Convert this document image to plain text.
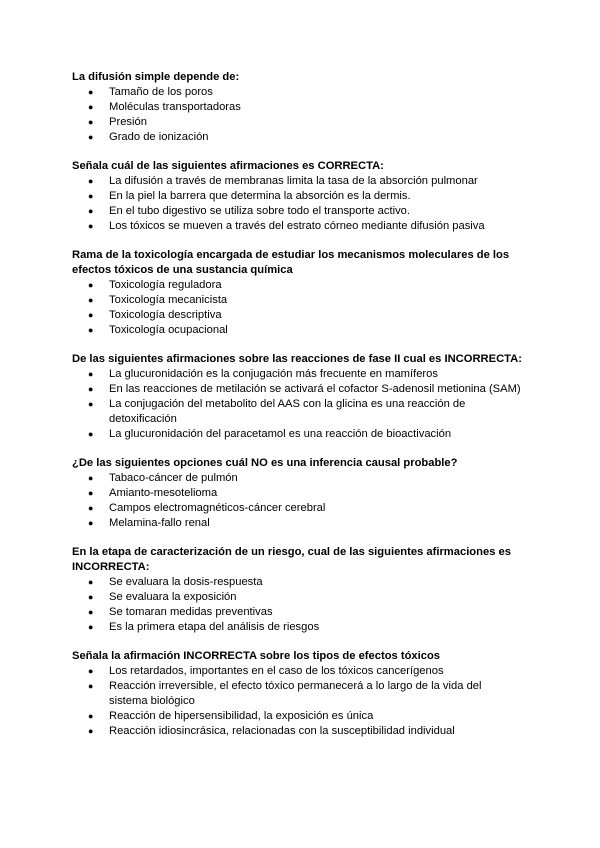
La difusión simple depende de:

● Tamaño de los poros
● Moléculas transportadoras
● Presión
● Grado de ionización

Señala cuál de las siguientes afirmaciones es CORRECTA:

● La difusión a través de membranas limita la tasa de la absorción pulmonar
● En la piel la barrera que determina la absorción es la dermis.
● En el tubo digestivo se utiliza sobre todo el transporte activo.
● Los tóxicos se mueven a través del estrato córneo mediante difusión pasiva

Rama de la toxicología encargada de estudiar los mecanismos moleculares de los efectos tóxicos de una sustancia química

● Toxicología reguladora
● Toxicología mecanicista
● Toxicología descriptiva
● Toxicología ocupacional

De las siguientes afirmaciones sobre las reacciones de fase II cual es INCORRECTA:

● La glucuronidación es la conjugación más frecuente en mamíferos
● En las reacciones de metilación se activará el cofactor S-adenosil metionina (SAM)
● La conjugación del metabolito del AAS con la glicina es una reacción de detoxificación
● La glucuronidación del paracetamol es una reacción de bioactivación

¿De las siguientes opciones cuál NO es una inferencia causal probable?

● Tabaco-cáncer de pulmón
● Amianto-mesotelioma
● Campos electromagnéticos-cáncer cerebral
● Melamina-fallo renal

En la etapa de caracterización de un riesgo, cual de las siguientes afirmaciones es INCORRECTA:

● Se evaluara la dosis-respuesta
● Se evaluara la exposición
● Se tomaran medidas preventivas
● Es la primera etapa del análisis de riesgos

Señala la afirmación INCORRECTA sobre los tipos de efectos tóxicos

● Los retardados, importantes en el caso de los tóxicos cancerígenos
● Reacción irreversible, el efecto tóxico permanecerá a lo largo de la vida del sistema biológico
● Reacción de hipersensibilidad, la exposición es única
● Reacción idiosincrásica, relacionadas con la susceptibilidad individual
